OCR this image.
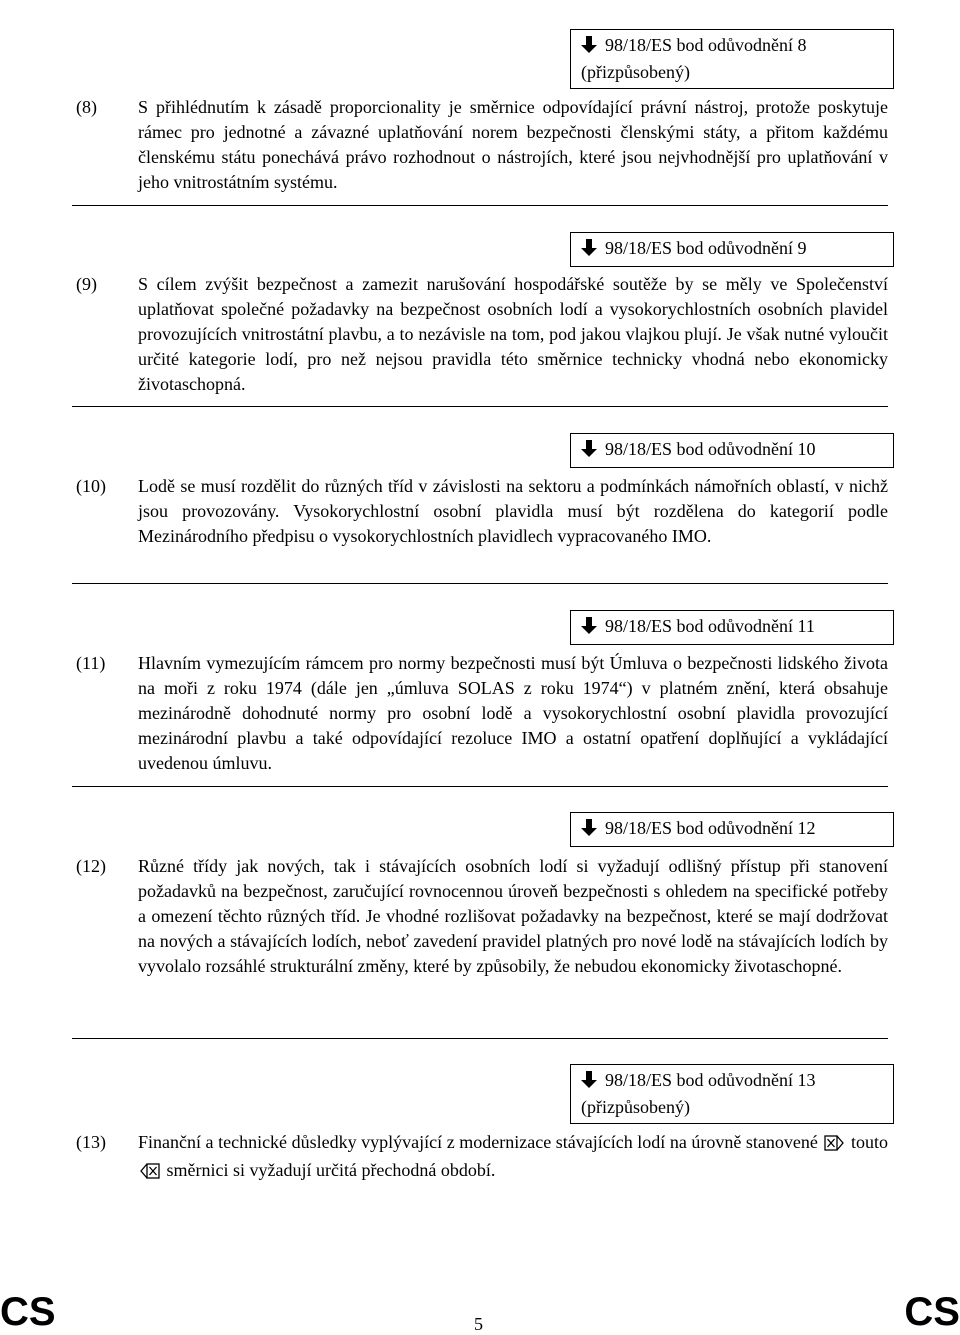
98/18/ES bod odůvodnění 8
(přizpůsobený)
(8) S přihlédnutím k zásadě proporcionality je směrnice odpovídající právní nástroj, protože poskytuje rámec pro jednotné a závazné uplatňování norem bezpečnosti členskými státy, a přitom každému členskému státu ponechává právo rozhodnout o nástrojích, které jsou nejvhodnější pro uplatňování v jeho vnitrostátním systému.

98/18/ES bod odůvodnění 9
(9) S cílem zvýšit bezpečnost a zamezit narušování hospodářské soutěže by se měly ve Společenství uplatňovat společné požadavky na bezpečnost osobních lodí a vysokorychlostních osobních plavidel provozujících vnitrostátní plavbu, a to nezávisle na tom, pod jakou vlajkou plují. Je však nutné vyloučit určité kategorie lodí, pro než nejsou pravidla této směrnice technicky vhodná nebo ekonomicky životaschopná.

98/18/ES bod odůvodnění 10
(10) Lodě se musí rozdělit do různých tříd v závislosti na sektoru a podmínkách námořních oblastí, v nichž jsou provozovány. Vysokorychlostní osobní plavidla musí být rozdělena do kategorií podle Mezinárodního předpisu o vysokorychlostních plavidlech vypracovaného IMO.

98/18/ES bod odůvodnění 11
(11) Hlavním vymezujícím rámcem pro normy bezpečnosti musí být Úmluva o bezpečnosti lidského života na moři z roku 1974 (dále jen „úmluva SOLAS z roku 1974“) v platném znění, která obsahuje mezinárodně dohodnuté normy pro osobní lodě a vysokorychlostní osobní plavidla provozující mezinárodní plavbu a také odpovídající rezoluce IMO a ostatní opatření doplňující a vykládající uvedenou úmluvu.

98/18/ES bod odůvodnění 12
(12) Různé třídy jak nových, tak i stávajících osobních lodí si vyžadují odlišný přístup při stanovení požadavků na bezpečnost, zaručující rovnocennou úroveň bezpečnosti s ohledem na specifické potřeby a omezení těchto různých tříd. Je vhodné rozlišovat požadavky na bezpečnost, které se mají dodržovat na nových a stávajících lodích, neboť zavedení pravidel platných pro nové lodě na stávajících lodích by vyvolalo rozsáhlé strukturální změny, které by způsobily, že nebudou ekonomicky životaschopné.

98/18/ES bod odůvodnění 13
(přizpůsobený)
(13) Finanční a technické důsledky vyplývající z modernizace stávajících lodí na úrovně stanovené touto  směrnici si vyžadují určitá přechodná období.

CS	5	CS
